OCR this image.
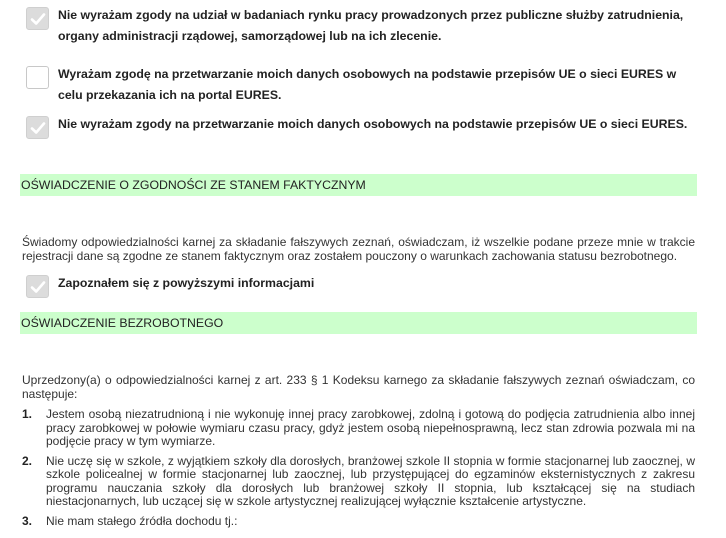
Nie wyrażam zgody na udział w badaniach rynku pracy prowadzonych przez publiczne służby zatrudnienia, organy administracji rządowej, samorządowej lub na ich zlecenie.
Wyrażam zgodę na przetwarzanie moich danych osobowych na podstawie przepisów UE o sieci EURES w celu przekazania ich na portal EURES.
Nie wyrażam zgody na przetwarzanie moich danych osobowych na podstawie przepisów UE o sieci EURES.
OŚWIADCZENIE O ZGODNOŚCI ZE STANEM FAKTYCZNYM
Świadomy odpowiedzialności karnej za składanie fałszywych zeznań, oświadczam, iż wszelkie podane przeze mnie w trakcie rejestracji dane są zgodne ze stanem faktycznym oraz zostałem pouczony o warunkach zachowania statusu bezrobotnego.
Zapoznałem się z powyższymi informacjami
OŚWIADCZENIE BEZROBOTNEGO
Uprzedzony(a) o odpowiedzialności karnej z art. 233 § 1 Kodeksu karnego za składanie fałszywych zeznań oświadczam, co następuje:
1.	Jestem osobą niezatrudnioną i nie wykonuję innej pracy zarobkowej, zdolną i gotową do podjęcia zatrudnienia albo innej pracy zarobkowej w połowie wymiaru czasu pracy, gdyż jestem osobą niepełnosprawną, lecz stan zdrowia pozwala mi na podjęcie pracy w tym wymiarze.
2.	Nie uczę się w szkole, z wyjątkiem szkoły dla dorosłych, branżowej szkole II stopnia w formie stacjonarnej lub zaocznej, w szkole policealnej w formie stacjonarnej lub zaocznej, lub przystępującej do egzaminów eksternistycznych z zakresu programu nauczania szkoły dla dorosłych lub branżowej szkoły II stopnia, lub kształcącej się na studiach niestacjonarnych, lub uczącej się w szkole artystycznej realizującej wyłącznie kształcenie artystyczne.
3.	Nie mam stałego źródła dochodu tj.:
